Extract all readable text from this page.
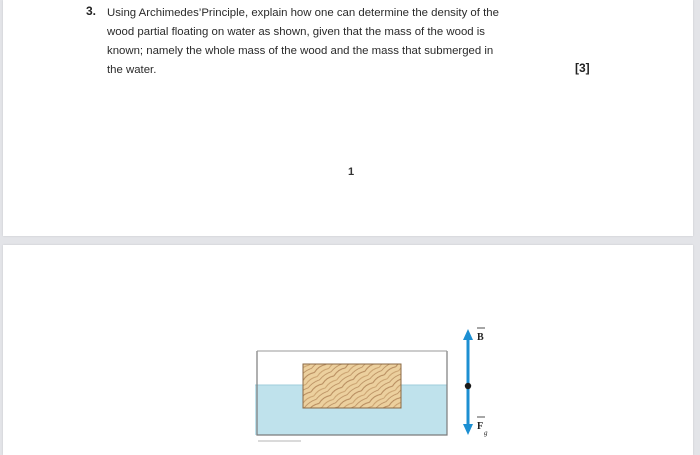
3. Using Archimedes’Principle, explain how one can determine the density of the
wood partial floating on water as shown, given that the mass of the wood is
known; namely the whole mass of the wood and the mass that submerged in
the water.	[3]
1
B
F
g
